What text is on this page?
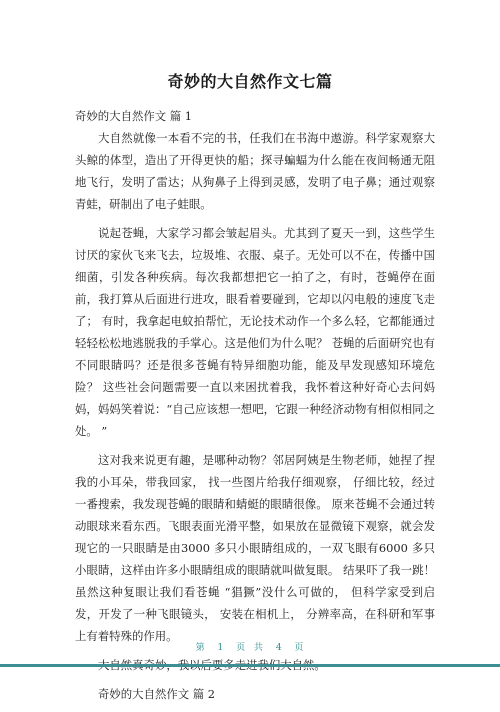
奇妙的大自然作文七篇

奇妙的大自然作文 篇 1

大自然就像一本看不完的书，任我们在书海中遨游。科学家观察大头鲸的体型，造出了开得更快的船；探寻蝙蝠为什么能在夜间畅通无阻地飞行，发明了雷达；从狗鼻子上得到灵感，发明了电子鼻；通过观察青蛙，研制出了电子蛙眼。

说起苍蝇，大家学习都会皱起眉头。尤其到了夏天一到，这些学生讨厌的家伙飞来飞去，垃圾堆、衣服、桌子。无处可以不在，传播中国细菌，引发各种疾病。每次我都想把它一拍了之，有时，苍蝇停在面前，我打算从后面进行进攻，眼看着要碰到，它却以闪电般的速度飞走了； 有时，我拿起电蚊拍帮忙，无论技术动作一个多么轻，它都能通过轻轻松松地逃脱我的手掌心。这是他们为什么呢？ 苍蝇的后面研究也有不同眼睛吗？还是很多苍蝇有特异细胞功能，能及早发现感知环境危险？ 这些社会问题需要一直以来困扰着我，我怀着这种好奇心去问妈妈，妈妈笑着说：“自己应该想一想吧，它跟一种经济动物有相似相同之处。 ”

这对我来说更有趣，是哪种动物？邻居阿姨是生物老师，她捏了捏我的小耳朵，带我回家， 找一些图片给我仔细观察， 仔细比较，经过一番搜索，我发现苍蝇的眼睛和蜻蜓的眼睛很像。 原来苍蝇不会通过转动眼球来看东西。飞眼表面光滑平整，如果放在显微镜下观察，就会发现它的一只眼睛是由3000 多只小眼睛组成的，一双飞眼有6000 多只小眼睛，这样由许多小眼睛组成的眼睛就叫做复眼。 结果吓了我一跳！虽然这种复眼让我们看苍蝇 “猖獗”没什么可做的， 但科学家受到启发，开发了一种飞眼镜头， 安装在相机上， 分辨率高，在科研和军事上有着特殊的作用。

奇妙的大自然作文 篇 2

第 1 页 共 4 页
